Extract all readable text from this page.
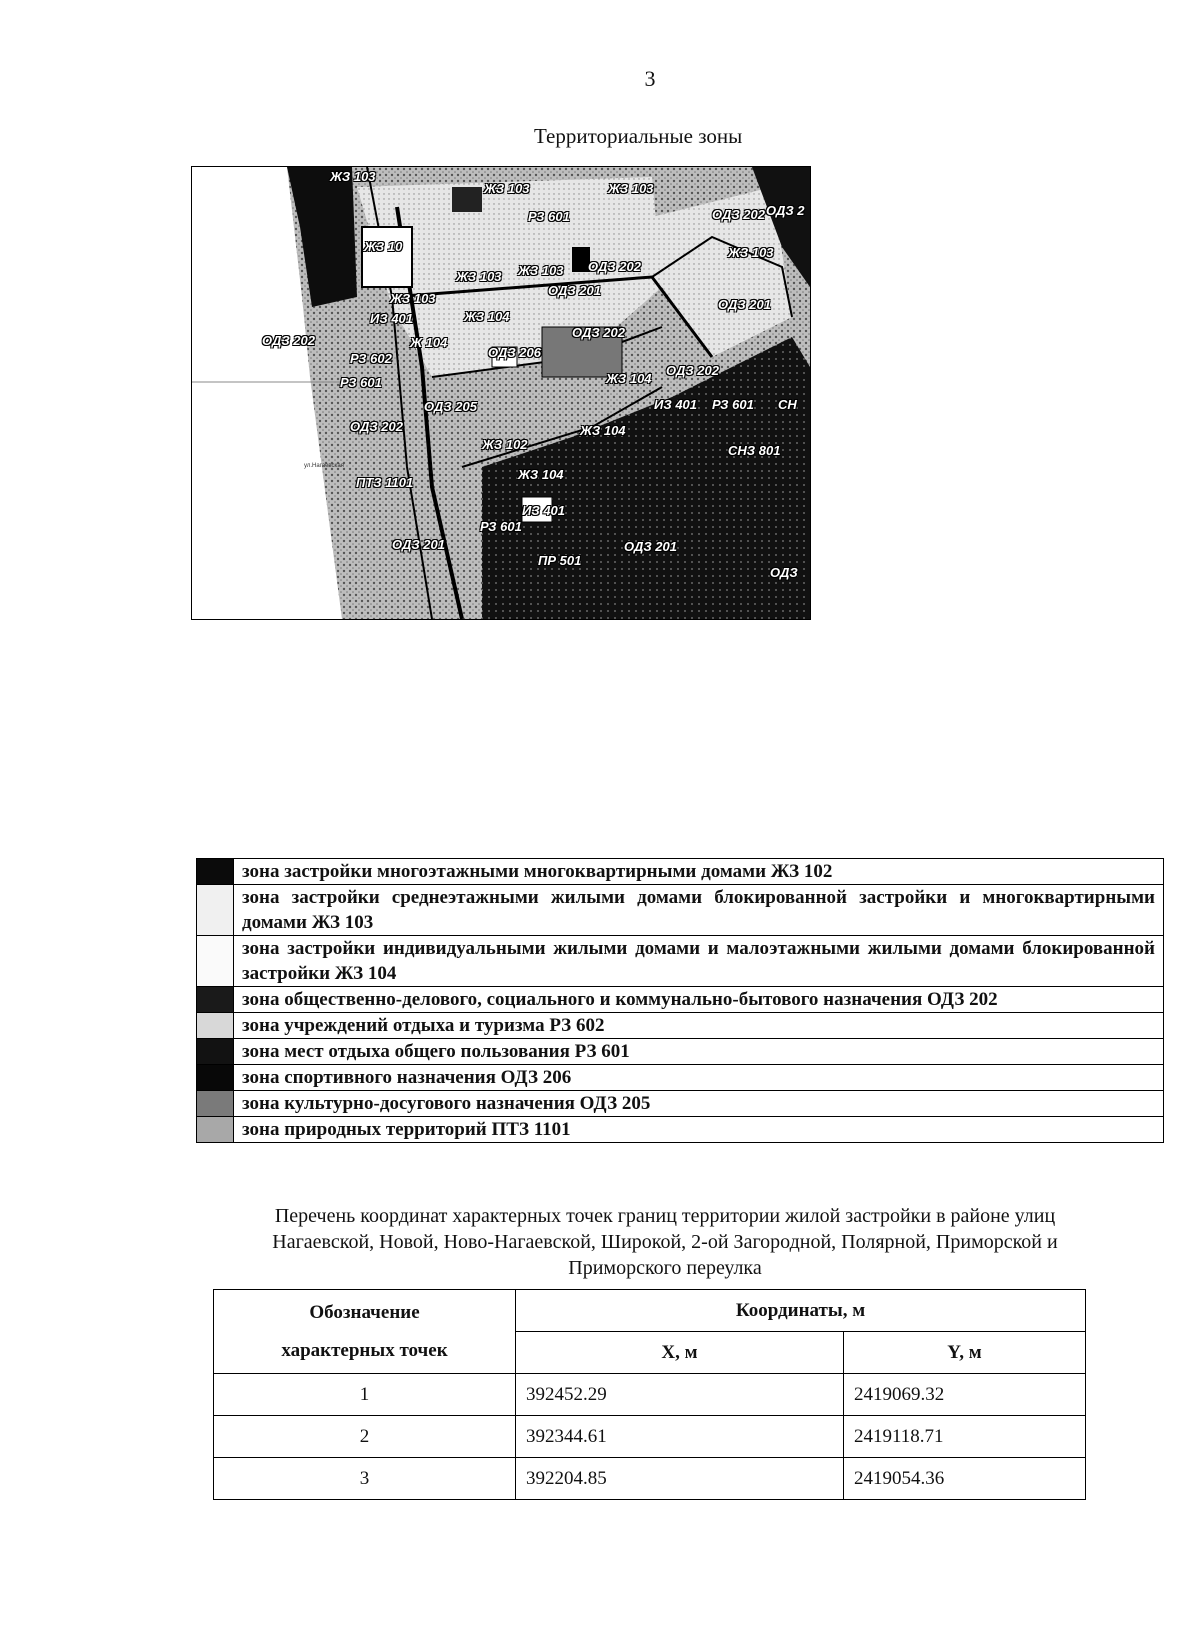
3
Территориальные зоны
ЖЗ 103
ЖЗ 103	ЖЗ 103
РЗ 601	ОДЗ 202 ОДЗ 2
ЖЗ 10
ЖЗ 103 ЖЗ 103 ОДЗ 202
ЖЗ 103
ОДЗ 201
ЖЗ 103
ОДЗ 201
ИЗ 401	ЖЗ 104
ОДЗ 202
ОДЗ 202	Ж 104
ОДЗ 206
РЗ 602
РЗ 601	ЖЗ 104
ОДЗ 202
ОДЗ 205	ИЗ 401 РЗ 601 СН
ОДЗ 202
ЖЗ 102
ЖЗ 104
СНЗ 801
ПТЗ 1101
ЖЗ 104
ИЗ 401
РЗ 601
ОДЗ 201	ОДЗ 201
ПР 501
ОДЗ
ул.Нагаевская
	зона застройки многоэтажными многоквартирными домами ЖЗ 102
	зона застройки среднеэтажными жилыми домами блокированной застройки и многоквартирными домами ЖЗ 103
	зона застройки индивидуальными жилыми домами и малоэтажными жилыми домами блокированной застройки ЖЗ 104
	зона общественно-делового, социального и коммунально-бытового назначения ОДЗ 202
	зона учреждений отдыха и туризма РЗ 602
	зона мест отдыха общего пользования РЗ 601
	зона спортивного назначения ОДЗ 206
	зона культурно-досугового назначения ОДЗ 205
	зона природных территорий ПТЗ 1101
Перечень координат характерных точек границ территории жилой застройки в районе улиц Нагаевской, Новой, Ново-Нагаевской, Широкой, 2-ой Загородной, Полярной, Приморской и Приморского переулка
Обозначение
характерных точек	Координаты, м	
	X, м	Y, м
1	392452.29	2419069.32
2	392344.61	2419118.71
3	392204.85	2419054.36
